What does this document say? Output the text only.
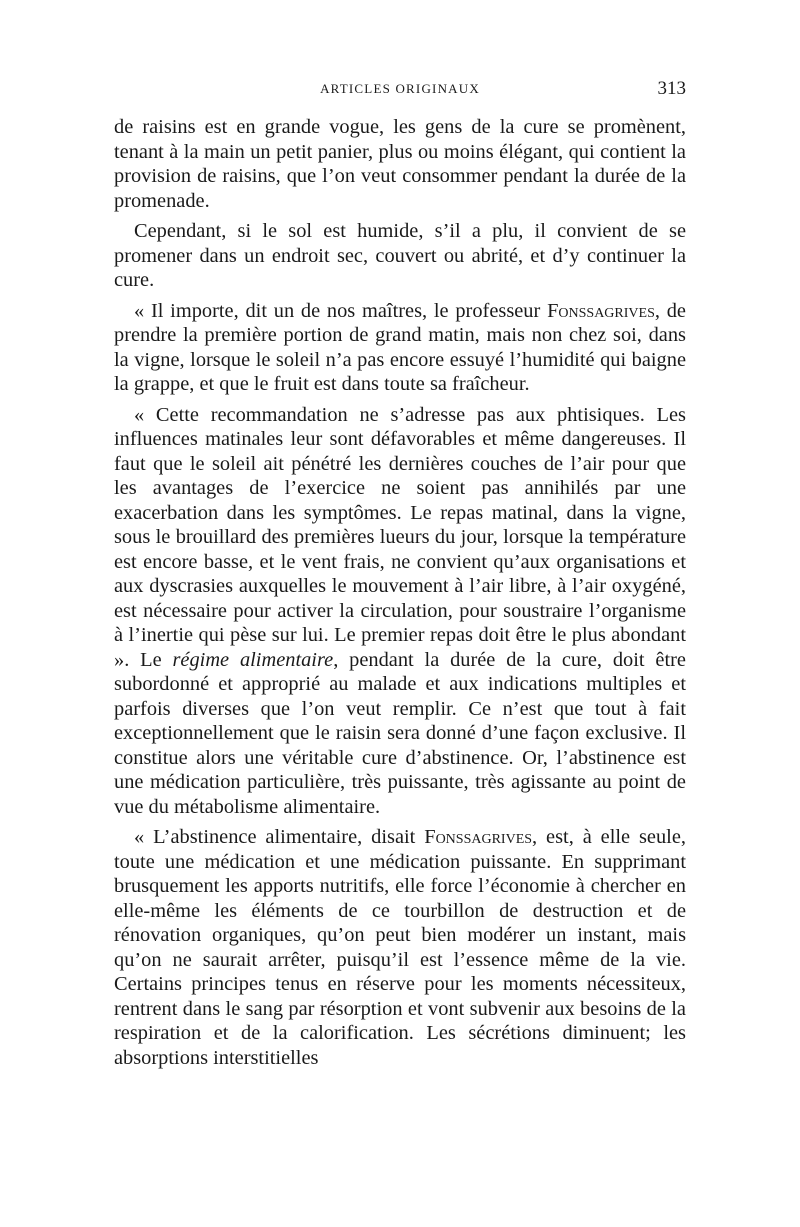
ARTICLES ORIGINAUX	313

de raisins est en grande vogue, les gens de la cure se promènent, tenant à la main un petit panier, plus ou moins élégant, qui contient la provision de raisins, que l’on veut consommer pendant la durée de la promenade.

Cependant, si le sol est humide, s’il a plu, il convient de se promener dans un endroit sec, couvert ou abrité, et d’y continuer la cure.

« Il importe, dit un de nos maîtres, le professeur Fonssagrives, de prendre la première portion de grand matin, mais non chez soi, dans la vigne, lorsque le soleil n’a pas encore essuyé l’humidité qui baigne la grappe, et que le fruit est dans toute sa fraîcheur.

« Cette recommandation ne s’adresse pas aux phtisiques. Les influences matinales leur sont défavorables et même dangereuses. Il faut que le soleil ait pénétré les dernières couches de l’air pour que les avantages de l’exercice ne soient pas annihilés par une exacerbation dans les symptômes. Le repas matinal, dans la vigne, sous le brouillard des premières lueurs du jour, lorsque la température est encore basse, et le vent frais, ne convient qu’aux organisations et aux dyscrasies auxquelles le mouvement à l’air libre, à l’air oxygéné, est nécessaire pour activer la circulation, pour soustraire l’organisme à l’inertie qui pèse sur lui. Le premier repas doit être le plus abondant ». Le régime alimentaire, pendant la durée de la cure, doit être subordonné et approprié au malade et aux indications multiples et parfois diverses que l’on veut remplir. Ce n’est que tout à fait exceptionnellement que le raisin sera donné d’une façon exclusive. Il constitue alors une véritable cure d’abstinence. Or, l’abstinence est une médication particulière, très puissante, très agissante au point de vue du métabolisme alimentaire.

« L’abstinence alimentaire, disait Fonssagrives, est, à elle seule, toute une médication et une médication puissante. En supprimant brusquement les apports nutritifs, elle force l’économie à chercher en elle-même les éléments de ce tourbillon de destruction et de rénovation organiques, qu’on peut bien modérer un instant, mais qu’on ne saurait arrêter, puisqu’il est l’essence même de la vie. Certains principes tenus en réserve pour les moments nécessiteux, rentrent dans le sang par résorption et vont subvenir aux besoins de la respiration et de la calorification. Les sécrétions diminuent; les absorptions interstitielles
